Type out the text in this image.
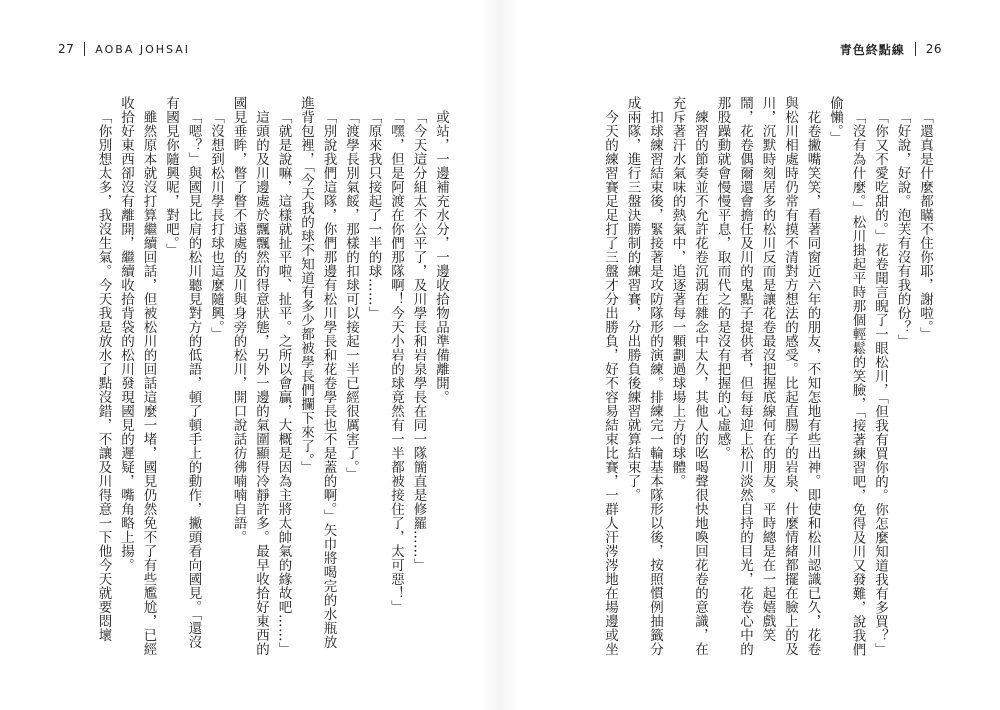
27 AOBA JOHSAI

或站，一邊補充水分，一邊收拾物品準備離開。

「今天這分組太不公平了，及川學長和岩泉學長在同一隊簡直是修羅……」

「嘿，但是阿渡在你們那隊啊！今天小岩的球竟然有一半都被接住了，太可惡！」

「原來我只接起了一半的球……」

「渡學長別氣餒，那樣的扣球可以接起一半已經很厲害了。」

「別說我們這隊，你們那邊有松川學長和花卷學長也不是蓋的啊。」矢巾將喝完的水瓶放進背包裡，「今天我的球不知道有多少都被學長們攔下來了。」

「就是說嘛，這樣就扯平啦、扯平。之所以會贏，大概是因為主將太帥氣的緣故吧……」

這頭的及川邊處於飄飄然的得意狀態，另外一邊的氣圍顯得冷靜許多。最早收拾好東西的國見垂眸，瞥了瞥不遠處的及川與身旁的松川，開口說話彷彿喃喃自語。

「沒想到松川學長打球也這麼隨興。」

「嗯？」與國見比肩的松川聽見對方的低語，頓了頓手上的動作，撇頭看向國見。「還沒有國見你隨興呢，對吧。」

雖然原本就沒打算繼續回話，但被松川的回話這麼一堵，國見仍然免不了有些尷尬，已經收拾好東西卻沒有離開，繼續收拾背袋的松川發現國見的遲疑，嘴角略上揚。

「你別想太多，我沒生氣。今天我是放水了點沒錯，不讓及川得意一下他今天就要悶壞

青色終點線 26

「還真是什麼都瞞不住你耶，謝啦。」

「好說，好說。泡芙有沒有我的份？」

「你又不愛吃甜的。」花卷聞言睨了一眼松川，「但我有買你的。你怎麼知道我有多買？」

「沒有為什麼。」松川掛起平時那個輕鬆的笑臉，「接著練習吧，免得及川又發難，說我們偷懶。」

花卷撇嘴笑笑，看著同窗近六年的朋友，不知怎地有些出神。即使和松川認識已久，花卷與松川相處時仍常有摸不清對方想法的感受。比起直腸子的岩泉、什麼情緒都擺在臉上的及川，沉默時刻居多的松川反而是讓花卷最沒把握底線何在的朋友。平時總是在一起嬉戲笑鬧，花卷偶爾還會擔任及川的鬼點子提供者，但每每迎上松川淡然自持的目光，花卷心中的那股躁動就會慢慢平息，取而代之的是沒有把握的心虛感。

練習的節奏並不允許花卷沉溺在雜念中太久，其他人的吆喝聲很快地喚回花卷的意識，在充斥著汗水氣味的熱氣中，追逐著每一顆劃過球場上方的球體。

扣球練習結束後，緊接著是攻防隊形的演練。排練完一輪基本隊形以後，按照慣例抽籤分成兩隊，進行三盤決勝制的練習賽，分出勝負後練習就算結束了。

今天的練習賽足足打了三盤才分出勝負，好不容易結束比賽，一群人汗涔涔地在場邊或坐
